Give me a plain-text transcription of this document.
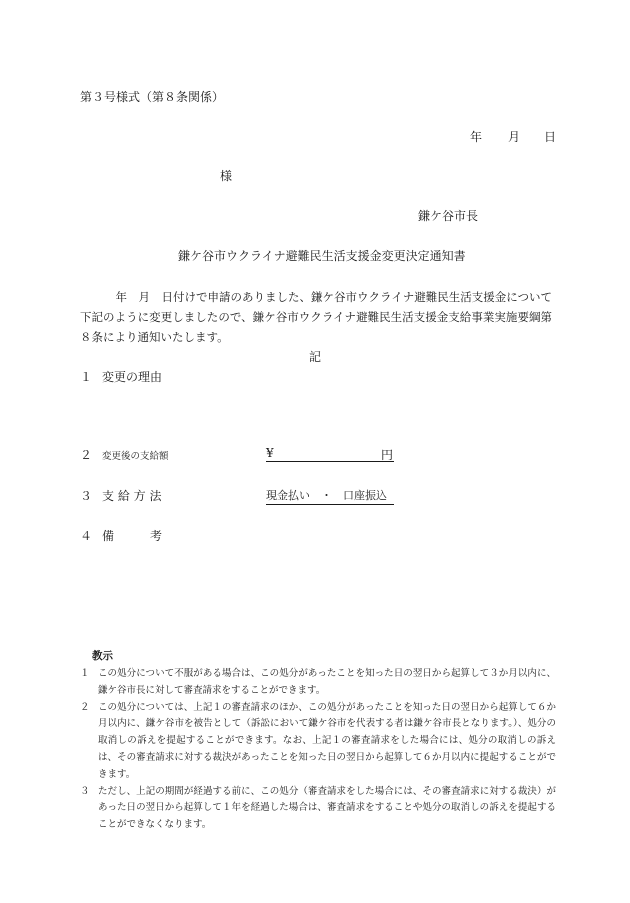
第３号様式（第８条関係）
年 月 日
様
鎌ケ谷市長
鎌ケ谷市ウクライナ避難民生活支援金変更決定通知書
　年　月　日付けで申請のありました、鎌ケ谷市ウクライナ避難民生活支援金について下記のように変更しましたので、鎌ケ谷市ウクライナ避難民生活支援金支給事業実施要綱第８条により通知いたします。
記
１ 変更の理由
２ 変更後の支給額	¥	円
３ 支 給 方 法	現金払い　・　口座振込
４ 備　　　考
教示
１ この処分について不服がある場合は、この処分があったことを知った日の翌日から起算して３か月以内に、鎌ケ谷市長に対して審査請求をすることができます。
２ この処分については、上記１の審査請求のほか、この処分があったことを知った日の翌日から起算して６か月以内に、鎌ケ谷市を被告として（訴訟において鎌ケ谷市を代表する者は鎌ケ谷市長となります。）、処分の取消しの訴えを提起することができます。なお、上記１の審査請求をした場合には、処分の取消しの訴えは、その審査請求に対する裁決があったことを知った日の翌日から起算して６か月以内に提起することができます。
３ ただし、上記の期間が経過する前に、この処分（審査請求をした場合には、その審査請求に対する裁決）があった日の翌日から起算して１年を経過した場合は、審査請求をすることや処分の取消しの訴えを提起することができなくなります。
